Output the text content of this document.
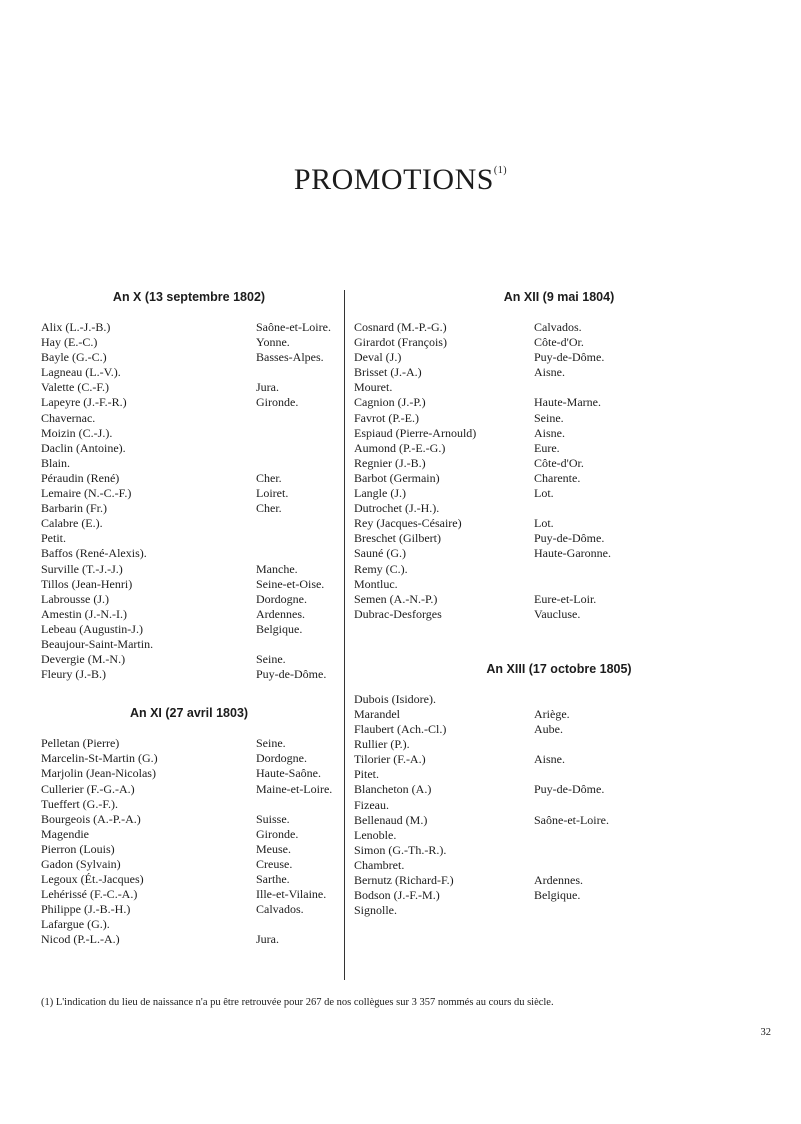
PROMOTIONS$^{(1)}$
An X (13 septembre 1802)
Alix (L.-J.-B.)	Saône-et-Loire.
Hay (E.-C.)	Yonne.
Bayle (G.-C.)	Basses-Alpes.
Lagneau (L.-V.).
Valette (C.-F.)	Jura.
Lapeyre (J.-F.-R.)	Gironde.
Chavernac.
Moizin (C.-J.).
Daclin (Antoine).
Blain.
Péraudin (René)	Cher.
Lemaire (N.-C.-F.)	Loiret.
Barbarin (Fr.)	Cher.
Calabre (E.).
Petit.
Baffos (René-Alexis).
Surville (T.-J.-J.)	Manche.
Tillos (Jean-Henri)	Seine-et-Oise.
Labrousse (J.)	Dordogne.
Amestin (J.-N.-I.)	Ardennes.
Lebeau (Augustin-J.)	Belgique.
Beaujour-Saint-Martin.
Devergie (M.-N.)	Seine.
Fleury (J.-B.)	Puy-de-Dôme.
An XI (27 avril 1803)
Pelletan (Pierre)	Seine.
Marcelin-St-Martin (G.)	Dordogne.
Marjolin (Jean-Nicolas)	Haute-Saône.
Cullerier (F.-G.-A.)	Maine-et-Loire.
Tueffert (G.-F.).
Bourgeois (A.-P.-A.)	Suisse.
Magendie	Gironde.
Pierron (Louis)	Meuse.
Gadon (Sylvain)	Creuse.
Legoux (Ét.-Jacques)	Sarthe.
Lehérissé (F.-C.-A.)	Ille-et-Vilaine.
Philippe (J.-B.-H.)	Calvados.
Lafargue (G.).
Nicod (P.-L.-A.)	Jura.
An XII (9 mai 1804)
Cosnard (M.-P.-G.)	Calvados.
Girardot (François)	Côte-d'Or.
Deval (J.)	Puy-de-Dôme.
Brisset (J.-A.)	Aisne.
Mouret.
Cagnion (J.-P.)	Haute-Marne.
Favrot (P.-E.)	Seine.
Espiaud (Pierre-Arnould)	Aisne.
Aumond (P.-E.-G.)	Eure.
Regnier (J.-B.)	Côte-d'Or.
Barbot (Germain)	Charente.
Langle (J.)	Lot.
Dutrochet (J.-H.).
Rey (Jacques-Césaire)	Lot.
Breschet (Gilbert)	Puy-de-Dôme.
Sauné (G.)	Haute-Garonne.
Remy (C.).
Montluc.
Semen (A.-N.-P.)	Eure-et-Loir.
Dubrac-Desforges	Vaucluse.
An XIII (17 octobre 1805)
Dubois (Isidore).
Marandel	Ariège.
Flaubert (Ach.-Cl.)	Aube.
Rullier (P.).
Tilorier (F.-A.)	Aisne.
Pitet.
Blancheton (A.)	Puy-de-Dôme.
Fizeau.
Bellenaud (M.)	Saône-et-Loire.
Lenoble.
Simon (G.-Th.-R.).
Chambret.
Bernutz (Richard-F.)	Ardennes.
Bodson (J.-F.-M.)	Belgique.
Signolle.
(1) L'indication du lieu de naissance n'a pu être retrouvée pour 267 de nos collègues sur 3 357 nommés au cours du siècle.
32
